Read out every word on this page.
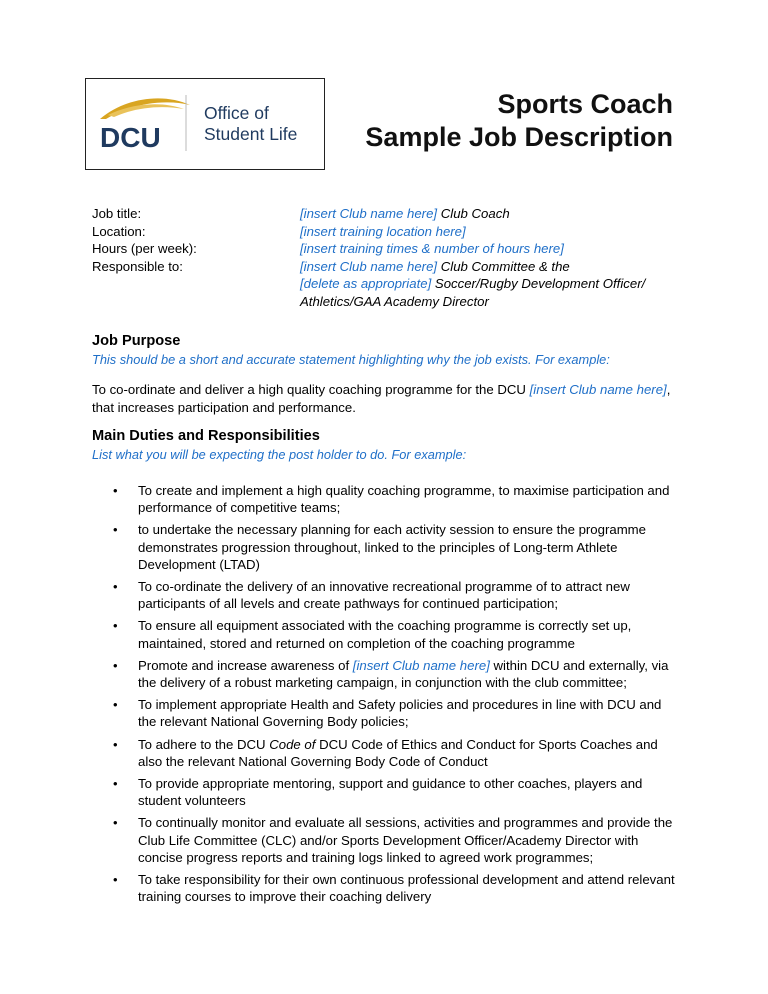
DCU
Office of
Student Life
Sports Coach
Sample Job Description
Job title:	[insert Club name here] Club Coach
Location:	[insert training location here]
Hours (per week):	[insert training times & number of hours here]
Responsible to:	[insert Club name here] Club Committee & the
[delete as appropriate] Soccer/Rugby Development Officer/
Athletics/GAA Academy Director
Job Purpose
This should be a short and accurate statement highlighting why the job exists. For example:
To co-ordinate and deliver a high quality coaching programme for the DCU [insert Club name here], that increases participation and performance.
Main Duties and Responsibilities
List what you will be expecting the post holder to do. For example:
• To create and implement a high quality coaching programme, to maximise participation and performance of competitive teams;
• to undertake the necessary planning for each activity session to ensure the programme demonstrates progression throughout, linked to the principles of Long-term Athlete Development (LTAD)
• To co-ordinate the delivery of an innovative recreational programme of to attract new participants of all levels and create pathways for continued participation;
• To ensure all equipment associated with the coaching programme is correctly set up, maintained, stored and returned on completion of the coaching programme
• Promote and increase awareness of [insert Club name here] within DCU and externally, via the delivery of a robust marketing campaign, in conjunction with the club committee;
• To implement appropriate Health and Safety policies and procedures in line with DCU and the relevant National Governing Body policies;
• To adhere to the DCU Code of DCU Code of Ethics and Conduct for Sports Coaches and also the relevant National Governing Body Code of Conduct
• To provide appropriate mentoring, support and guidance to other coaches, players and student volunteers
• To continually monitor and evaluate all sessions, activities and programmes and provide the Club Life Committee (CLC) and/or Sports Development Officer/Academy Director with concise progress reports and training logs linked to agreed work programmes;
• To take responsibility for their own continuous professional development and attend relevant training courses to improve their coaching delivery
